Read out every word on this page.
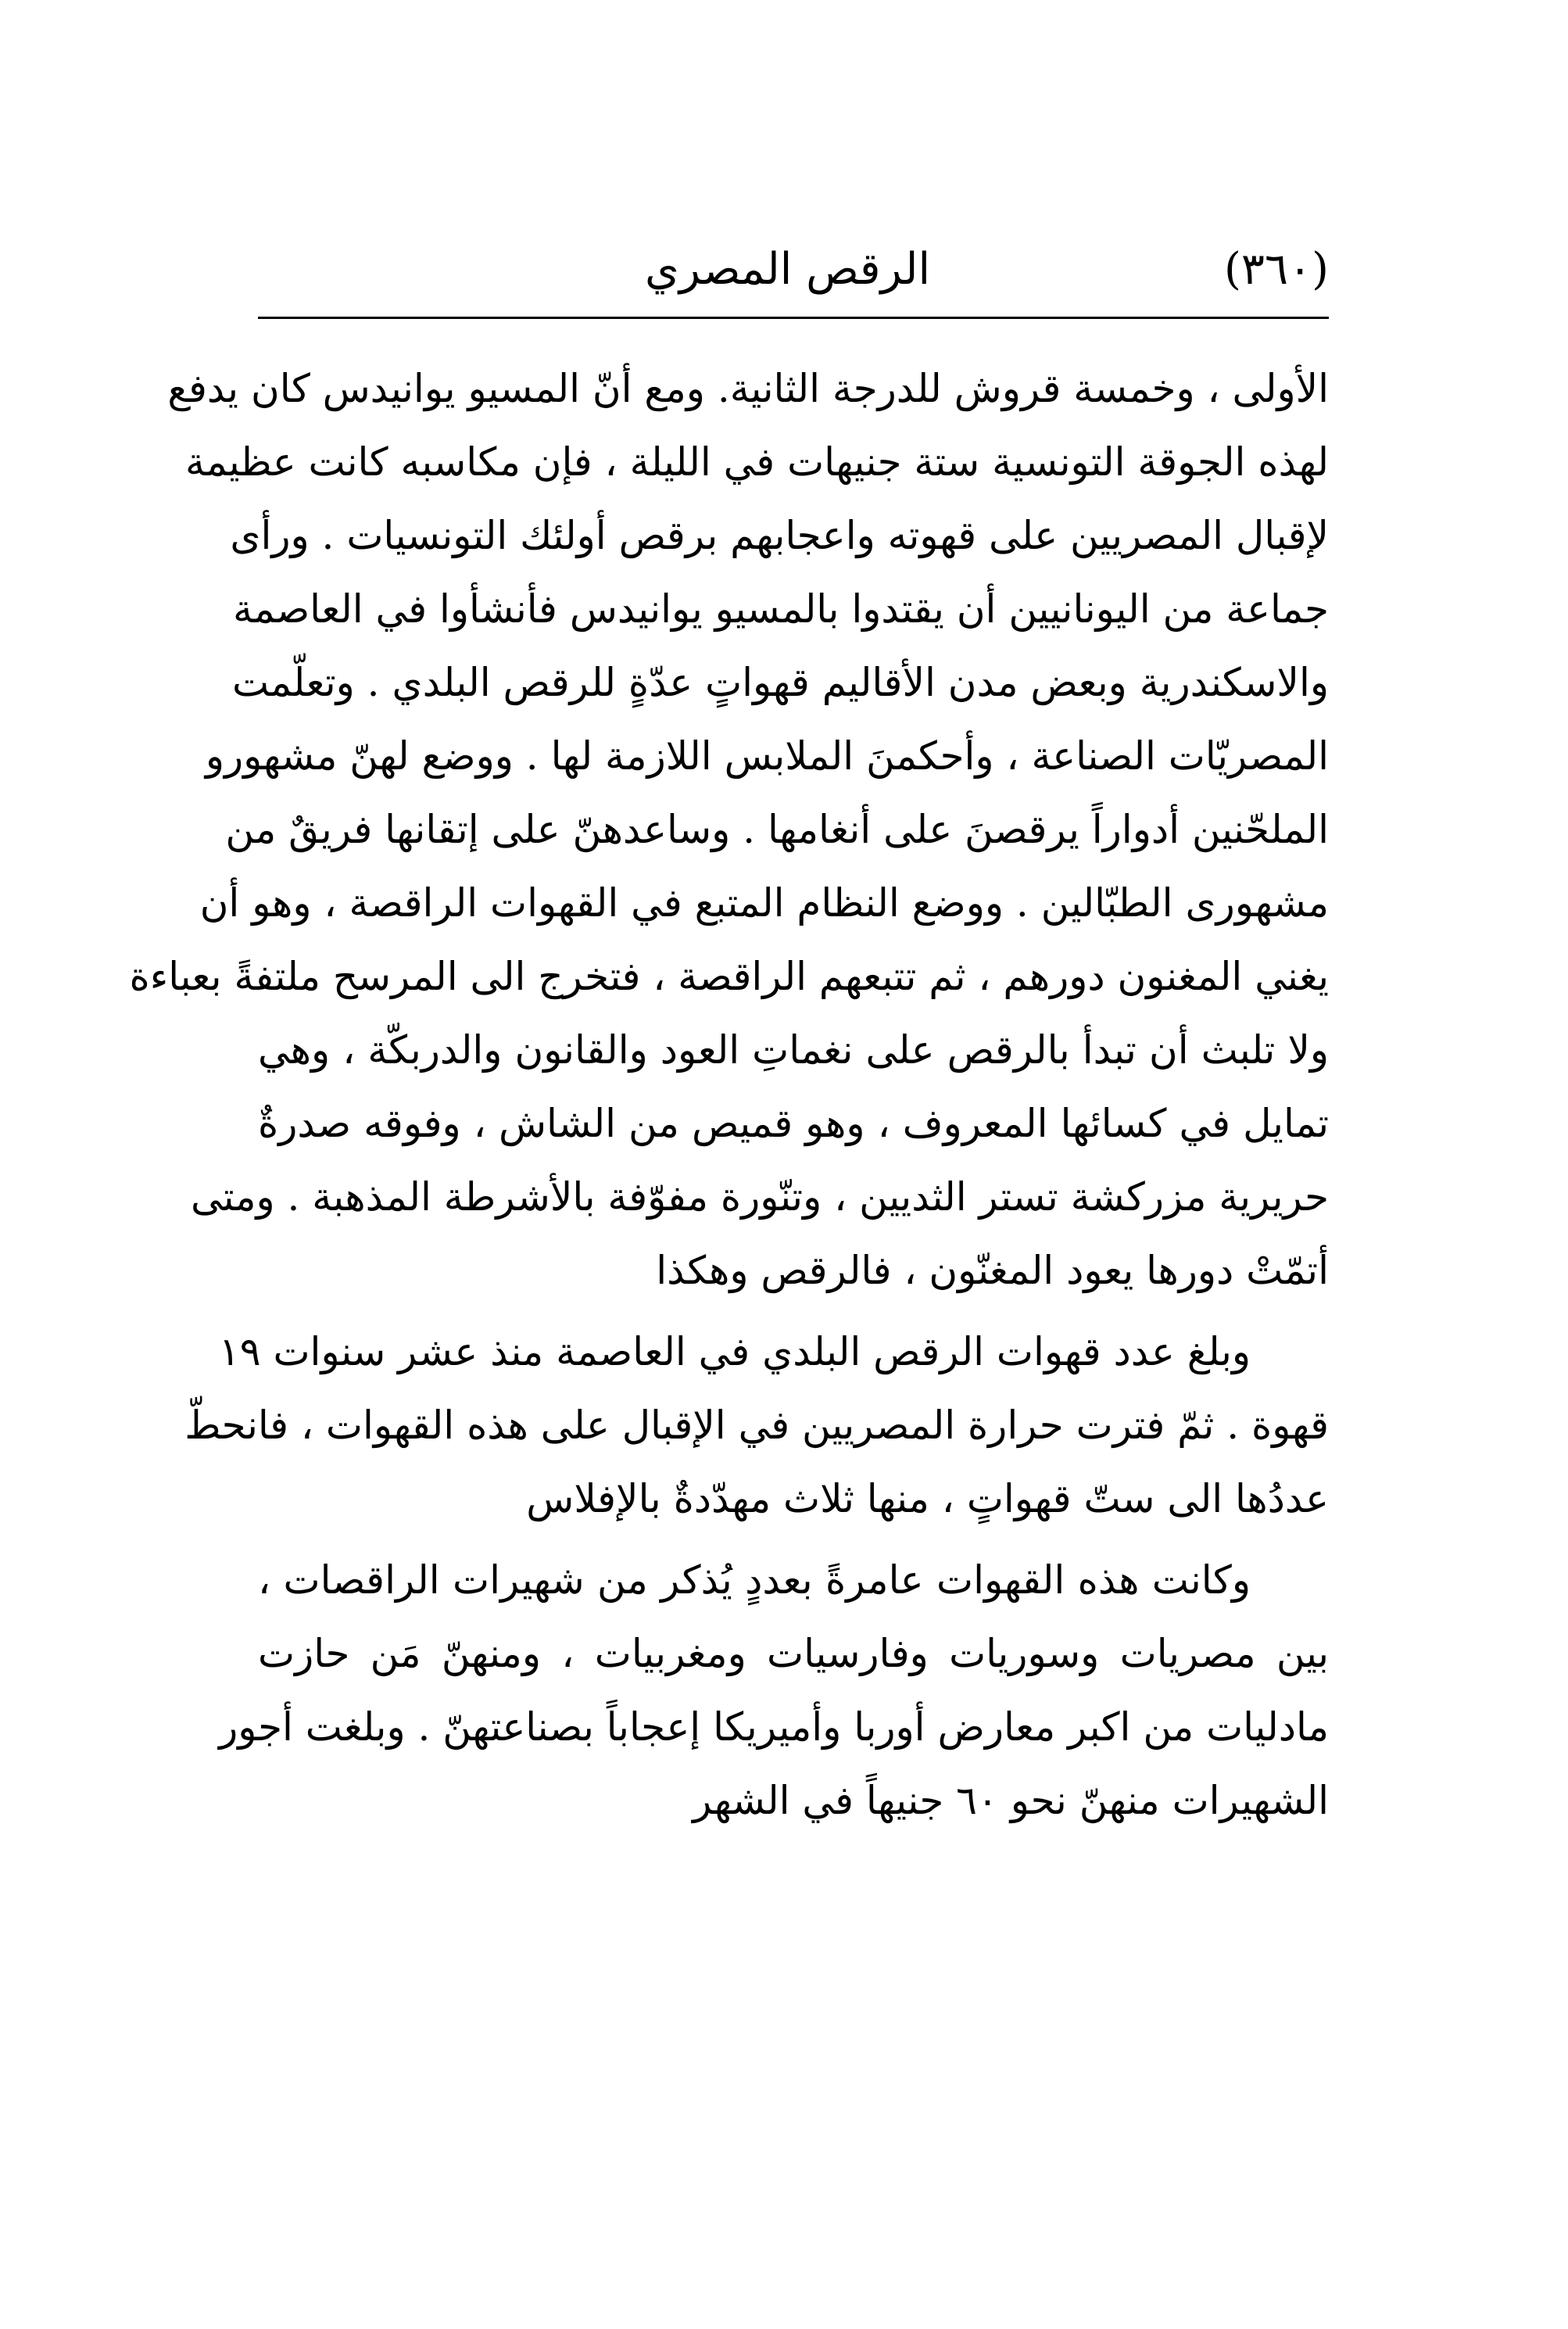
(٣٦٠)
الرقص المصري
الأولى ، وخمسة قروش للدرجة الثانية. ومع أنّ المسيو يوانيدس كان يدفع
لهذه الجوقة التونسية ستة جنيهات في الليلة ، فإن مكاسبه كانت عظيمة
لإقبال المصريين على قهوته واعجابهم برقص أولئك التونسيات . ورأى
جماعة من اليونانيين أن يقتدوا بالمسيو يوانيدس فأنشأوا في العاصمة
والاسكندرية وبعض مدن الأقاليم قهواتٍ عدّةٍ للرقص البلدي . وتعلّمت
المصريّات الصناعة ، وأحكمنَ الملابس اللازمة لها . ووضع لهنّ مشهورو
الملحّنين أدواراً يرقصنَ على أنغامها . وساعدهنّ على إتقانها فريقٌ من
مشهورى الطبّالين . ووضع النظام المتبع في القهوات الراقصة ، وهو أن
يغني المغنون دورهم ، ثم تتبعهم الراقصة ، فتخرج الى المرسح ملتفةً بعباءة
ولا تلبث أن تبدأ بالرقص على نغماتِ العود والقانون والدربكّة ، وهي
تمايل في كسائها المعروف ، وهو قميص من الشاش ، وفوقه صدرةٌ
حريرية مزركشة تستر الثديين ، وتنّورة مفوّفة بالأشرطة المذهبة . ومتى
أتمّتْ دورها يعود المغنّون ، فالرقص وهكذا
وبلغ عدد قهوات الرقص البلدي في العاصمة منذ عشر سنوات ١٩
قهوة . ثمّ فترت حرارة المصريين في الإقبال على هذه القهوات ، فانحطّ
عددُها الى ستّ قهواتٍ ، منها ثلاث مهدّدةٌ بالإفلاس
وكانت هذه القهوات عامرةً بعددٍ يُذكر من شهيرات الراقصات ،
بين مصريات وسوريات وفارسيات ومغربيات ، ومنهنّ مَن حازت
مادليات من اكبر معارض أوربا وأميريكا إعجاباً بصناعتهنّ . وبلغت أجور
الشهيرات منهنّ نحو ٦٠ جنيهاً في الشهر
